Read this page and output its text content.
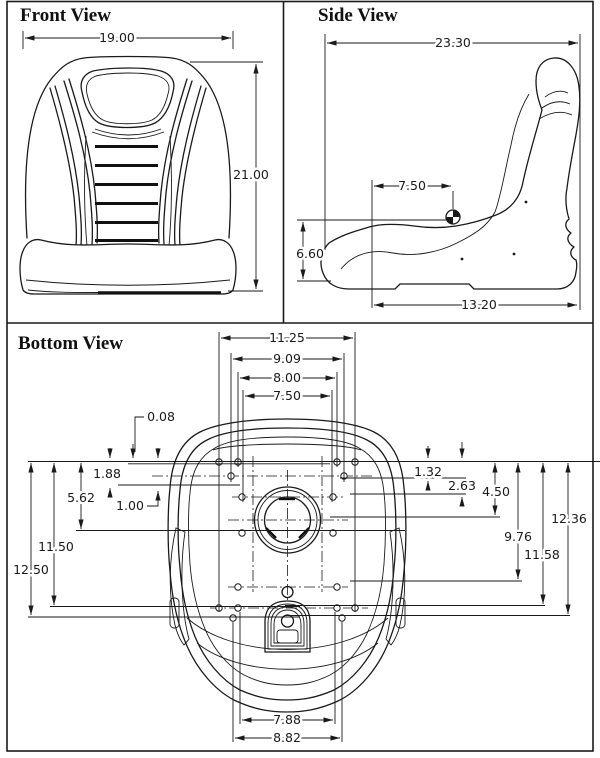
Front View
19.00
21.00
Side View
23.30
7.50
6.60
13.20
Bottom View	11.25
9.09
8.00
7.50
0.08
1.88
1.00
5.62
11.50
12.50
1.32
2.63 4.50
9.76
11.58
12.36
7.88
8.82
